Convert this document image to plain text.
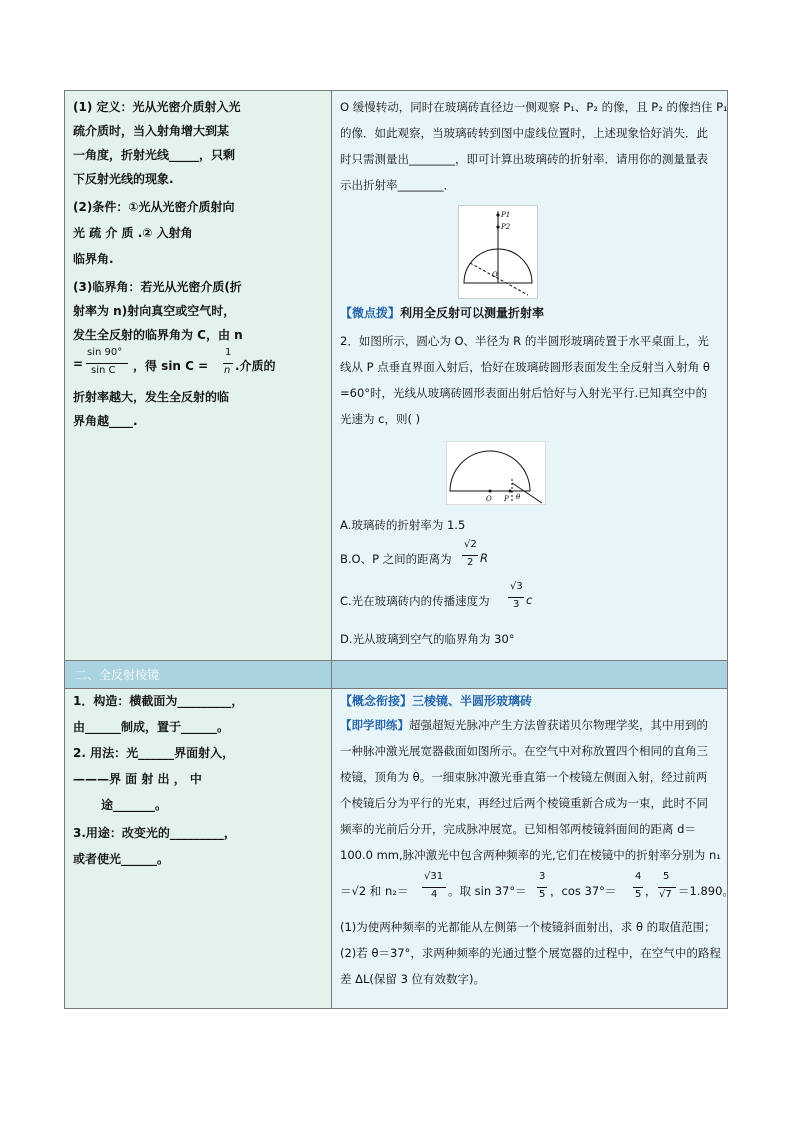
二、全反射棱镜
(1) 定义：光从光密介质射入光
疏介质时，当入射角增大到某
一角度，折射光线_____，只剩
下反射光线的现象.
(2)条件：①光从光密介质射向
光 疏 介 质 .② 入射角
临界角.
(3)临界角：若光从光密介质(折
射率为 n)射向真空或空气时，
发生全反射的临界角为 C，由 n
=
sin 90°
sin C ，得 sin C =
1
n .介质的
折射率越大，发生全反射的临
界角越____.
O 缓慢转动，同时在玻璃砖直径边一侧观察 P₁、P₂ 的像，且 P₂ 的像挡住 P₁
的像．如此观察，当玻璃砖转到图中虚线位置时，上述现象恰好消失．此
时只需测量出________，即可计算出玻璃砖的折射率．请用你的测量量表
示出折射率________．
P1
P2
O
【微点拨】利用全反射可以测量折射率
2．如图所示，圆心为 O、半径为 R 的半圆形玻璃砖置于水平桌面上，光
线从 P 点垂直界面入射后，恰好在玻璃砖圆形表面发生全反射当入射角 θ
=60°时，光线从玻璃砖圆形表面出射后恰好与入射光平行.已知真空中的
光速为 c，则( )
O P θ
A.玻璃砖的折射率为 1.5
B.O、P 之间的距离为
√2
2 R
C.光在玻璃砖内的传播速度为
√3
3 c
D.光从玻璃到空气的临界角为 30°
1．构造：横截面为_________，
由______制成，置于______。
2. 用法：光______界面射入，
———界 面 射 出 ， 中
途_______。
3.用途：改变光的_________，
或者使光______。
【概念衔接】三棱镜、半圆形玻璃砖
【即学即练】超强超短光脉冲产生方法曾获诺贝尔物理学奖，其中用到的
一种脉冲激光展宽器截面如图所示。在空气中对称放置四个相同的直角三
棱镜，顶角为 θ。一细束脉冲激光垂直第一个棱镜左侧面入射，经过前两
个棱镜后分为平行的光束，再经过后两个棱镜重新合成为一束，此时不同
频率的光前后分开，完成脉冲展宽。已知相邻两棱镜斜面间的距离 d＝
100.0 mm,脉冲激光中包含两种频率的光,它们在棱镜中的折射率分别为 n₁
＝√2 和 n₂＝
√31
4 。取 sin 37°＝
3
5 ，cos 37°＝
4
5 ，
5
√7 ＝1.890。
(1)为使两种频率的光都能从左侧第一个棱镜斜面射出，求 θ 的取值范围；
(2)若 θ＝37°，求两种频率的光通过整个展宽器的过程中，在空气中的路程
差 ΔL(保留 3 位有效数字)。
